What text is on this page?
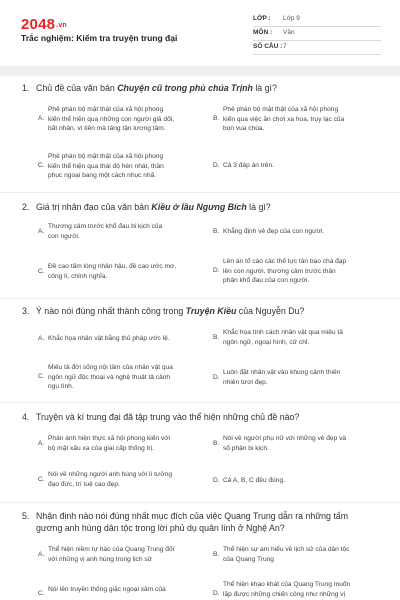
2048.vn
Trắc nghiệm: Kiểm tra truyện trung đại
LỚP : Lớp 9
MÔN : Văn
SỐ CÂU : 7
1. Chủ đề của văn bản Chuyện cũ trong phủ chúa Trịnh là gì?
A.
Phê phán bộ mặt thật của xã hội phong
kiến thể hiện qua những con người giả dối,
bất nhân, vì tiền mà táng tận lương tâm.
B.
Phê phán bộ mặt thật của xã hội phong
kiến qua việc ăn chơi xa hoa, trụy lạc của
bọn vua chúa.
C.
Phê phán bộ mặt thật của xã hội phong
kiến thể hiện qua thái độ hèn nhát, thần
phục ngoại bang một cách nhục nhã.
D. Cả 3 đáp án trên.
2. Giá trị nhân đạo của văn bản Kiều ở lầu Ngưng Bích là gì?
A.
Thương cảm trước khổ đau bi kịch của
con người.
B. Khẳng định vẻ đẹp của con người.
C.
Đề cao tấm lòng nhân hậu, đề cao ước mơ,
công lí, chính nghĩa.
D.
Lên án tố cáo các thế lực tàn bạo chà đạp
lên con người, thương cảm trước thân
phận khổ đau của con người.
3. Ý nào nói đúng nhất thành công trong Truyện Kiều của Nguyễn Du?
A. Khắc họa nhân vật bằng thủ pháp ước lệ.	B.
Khắc họa tính cách nhân vật qua miêu tả
ngôn ngữ, ngoại hình, cử chỉ.
C.
Miêu tả đời sống nội tâm của nhân vật qua
ngôn ngữ độc thoại và nghệ thuật tả cảnh
ngụ tình.
D.
Luôn đặt nhân vật vào khung cảnh thiên
nhiên tươi đẹp.
4. Truyện và kí trung đại đã tập trung vào thể hiện những chủ đề nào?
A.
Phản ánh hiện thực xã hội phong kiến với
bộ mặt xấu xa của giai cấp thống trị.
B.
Nói về người phụ nữ với những vẻ đẹp và
số phận bi kịch.
C.
Nói về những người anh hùng với lí tưởng
đạo đức, trí tuệ cao đẹp.	D. Cả A, B, C đều đúng.
5. Nhận định nào nói đúng nhất mục đích của việc Quang Trung dẫn ra những tấm
gương anh hùng dân tộc trong lời phủ dụ quân lính ở Nghệ An?
A.
Thể hiện niềm tự hào của Quang Trung đối
với những vị anh hùng trong lịch sử
B.
Thể hiện sự am hiểu về lịch sử của dân tộc
của Quang Trung
C.
Nói lên truyền thống giặc ngoại xâm của
D.
Thể hiện khao khát của Quang Trung muốn
lặp được những chiến công như những vị
